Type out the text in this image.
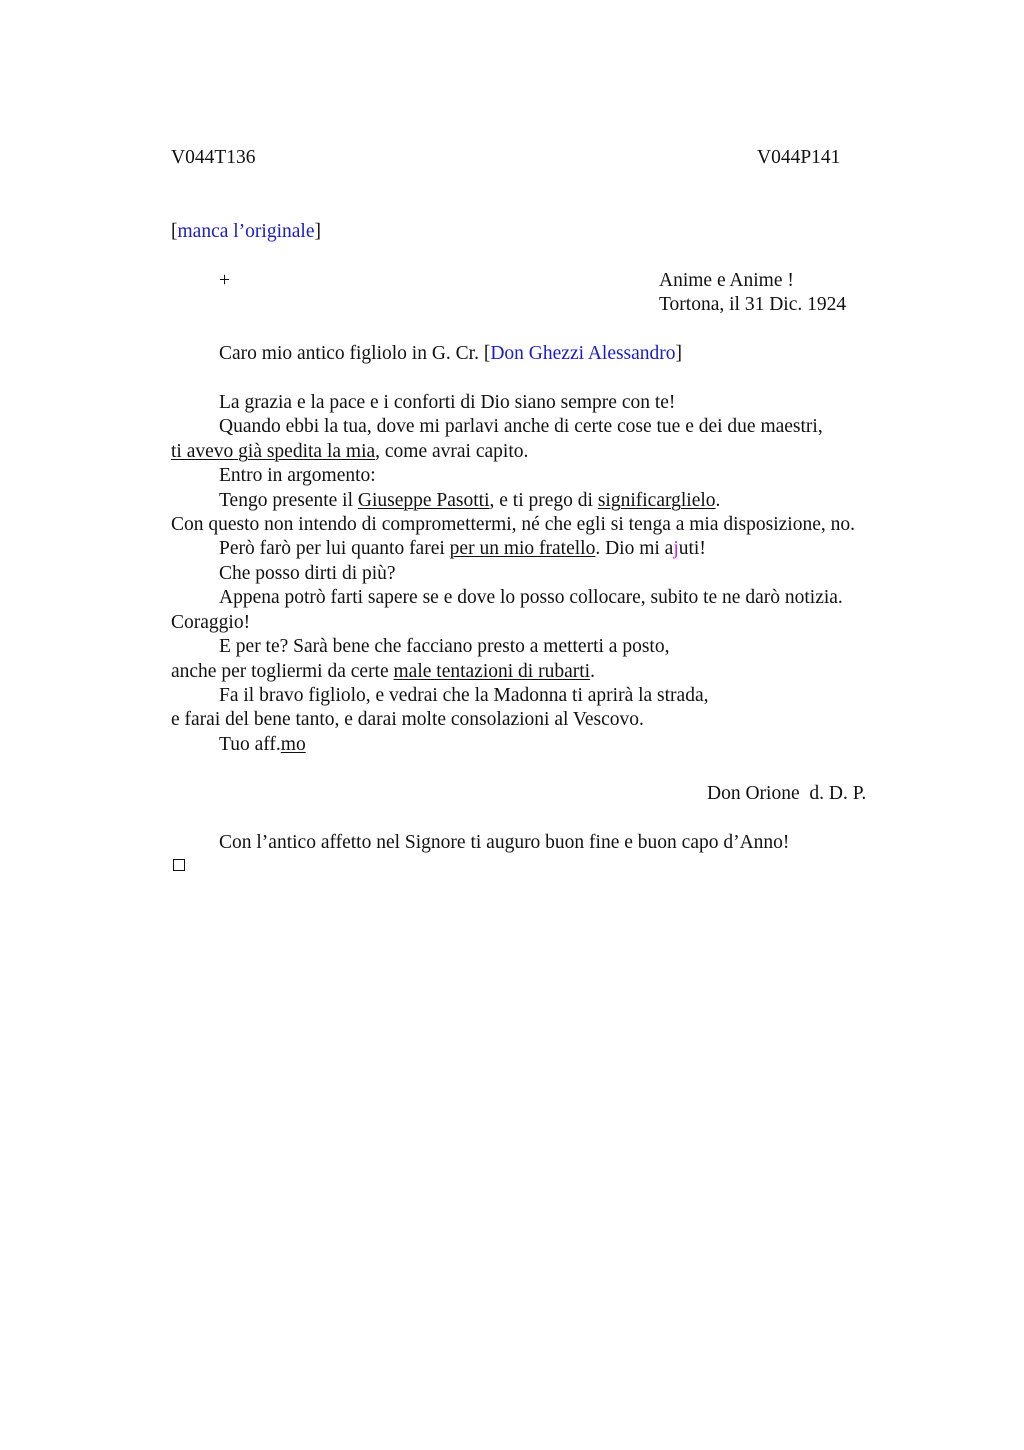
V044T136	V044P141
[manca l’originale]
+	Anime e Anime !
Tortona, il 31 Dic. 1924
Caro mio antico figliolo in G. Cr. [Don Ghezzi Alessandro]
La grazia e la pace e i conforti di Dio siano sempre con te!
Quando ebbi la tua, dove mi parlavi anche di certe cose tue e dei due maestri,
ti avevo già spedita la mia, come avrai capito.
Entro in argomento:
Tengo presente il Giuseppe Pasotti, e ti prego di significarglielo.
Con questo non intendo di compromettermi, né che egli si tenga a mia disposizione, no.
Però farò per lui quanto farei per un mio fratello. Dio mi ajuti!
Che posso dirti di più?
Appena potrò farti sapere se e dove lo posso collocare, subito te ne darò notizia.
Coraggio!
E per te? Sarà bene che facciano presto a metterti a posto,
anche per togliermi da certe male tentazioni di rubarti.
Fa il bravo figliolo, e vedrai che la Madonna ti aprirà la strada,
e farai del bene tanto, e darai molte consolazioni al Vescovo.
Tuo aff.mo
Don Orione  d. D. P.
Con l’antico affetto nel Signore ti auguro buon fine e buon capo d’Anno!
